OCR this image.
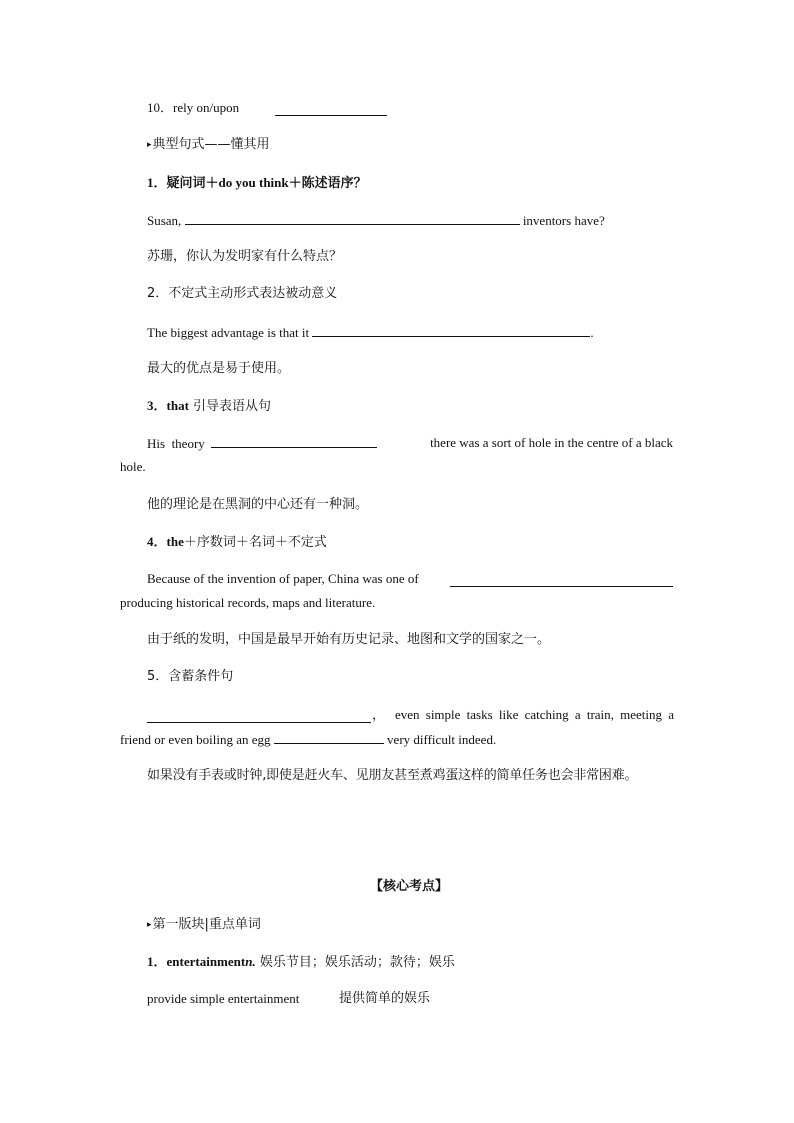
10．rely on/upon
▸典型句式——懂其用
1．疑问词＋do you think＋陈述语序？
Susan,	inventors have?
苏珊，你认为发明家有什么特点？
2．不定式主动形式表达被动意义
The biggest advantage is that it	.
最大的优点是易于使用。
3．that 引导表语从句
His theory	there was a sort of hole in the centre of a black
hole.
他的理论是在黑洞的中心还有一种洞。
4．the＋序数词＋名词＋不定式
Because of the invention of paper, China was one of
producing historical records, maps and literature.
由于纸的发明，中国是最早开始有历史记录、地图和文学的国家之一。
5．含蓄条件句
， even simple tasks like catching a train, meeting a
friend or even boiling an egg	very difficult indeed.
如果没有手表或时钟,即使是赶火车、见朋友甚至煮鸡蛋这样的简单任务也会非常困难。
【核心考点】
▸第一版块|重点单词
1．entertainmentn. 娱乐节目；娱乐活动；款待；娱乐
provide simple entertainment	提供简单的娱乐
